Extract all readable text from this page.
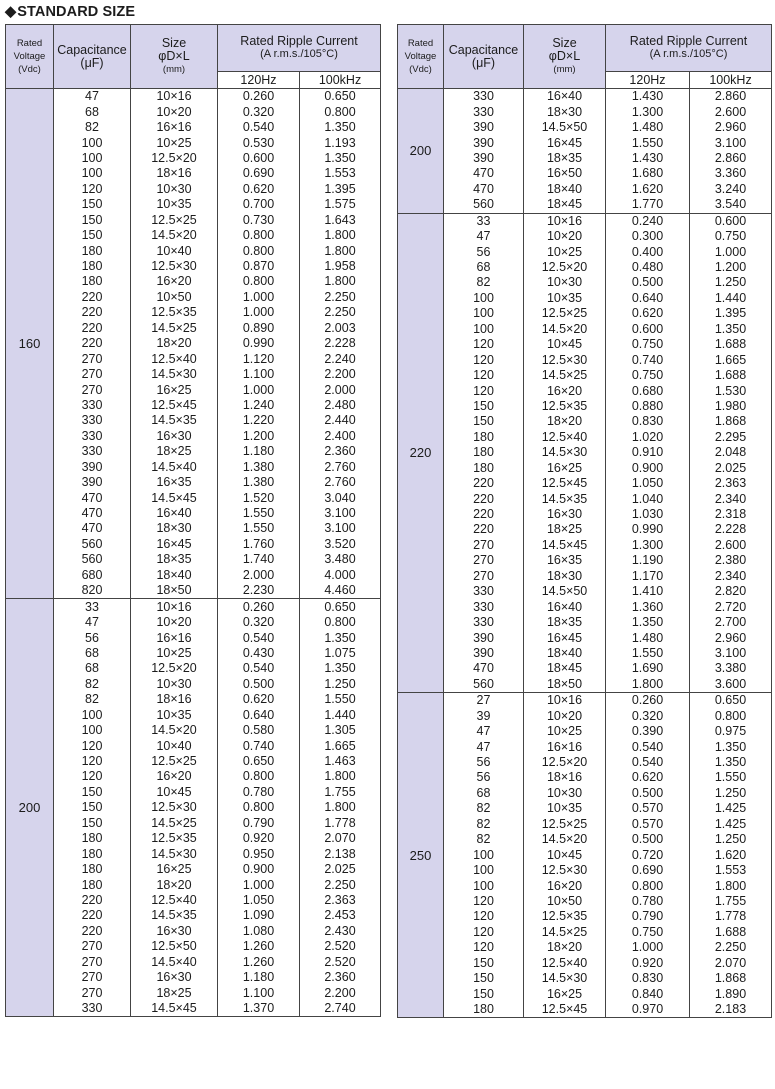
◆STANDARD SIZE
Rated
Voltage
(Vdc)	Capacitance
(μF)	Size
φD×L
(mm)	Rated Ripple Current

(A r.m.s./105°C)	

			120Hz	100kHz
160	47	10×16	0.260	0.650
	68	10×20	0.320	0.800
	82	16×16	0.540	1.350
	100	10×25	0.530	1.193
	100	12.5×20	0.600	1.350
	100	18×16	0.690	1.553
	120	10×30	0.620	1.395
	150	10×35	0.700	1.575
	150	12.5×25	0.730	1.643
	150	14.5×20	0.800	1.800
	180	10×40	0.800	1.800
	180	12.5×30	0.870	1.958
	180	16×20	0.800	1.800
	220	10×50	1.000	2.250
	220	12.5×35	1.000	2.250
	220	14.5×25	0.890	2.003
	220	18×20	0.990	2.228
	270	12.5×40	1.120	2.240
	270	14.5×30	1.100	2.200
	270	16×25	1.000	2.000
	330	12.5×45	1.240	2.480
	330	14.5×35	1.220	2.440
	330	16×30	1.200	2.400
	330	18×25	1.180	2.360
	390	14.5×40	1.380	2.760
	390	16×35	1.380	2.760
	470	14.5×45	1.520	3.040
	470	16×40	1.550	3.100
	470	18×30	1.550	3.100
	560	16×45	1.760	3.520
	560	18×35	1.740	3.480
	680	18×40	2.000	4.000
	820	18×50	2.230	4.460
200	33	10×16	0.260	0.650
	47	10×20	0.320	0.800
	56	16×16	0.540	1.350
	68	10×25	0.430	1.075
	68	12.5×20	0.540	1.350
	82	10×30	0.500	1.250
	82	18×16	0.620	1.550
	100	10×35	0.640	1.440
	100	14.5×20	0.580	1.305
	120	10×40	0.740	1.665
	120	12.5×25	0.650	1.463
	120	16×20	0.800	1.800
	150	10×45	0.780	1.755
	150	12.5×30	0.800	1.800
	150	14.5×25	0.790	1.778
	180	12.5×35	0.920	2.070
	180	14.5×30	0.950	2.138
	180	16×25	0.900	2.025
	180	18×20	1.000	2.250
	220	12.5×40	1.050	2.363
	220	14.5×35	1.090	2.453
	220	16×30	1.080	2.430
	270	12.5×50	1.260	2.520
	270	14.5×40	1.260	2.520
	270	16×30	1.180	2.360
	270	18×25	1.100	2.200
	330	14.5×45	1.370	2.740
Rated
Voltage
(Vdc)	Capacitance
(μF)	Size
φD×L
(mm)	Rated Ripple Current

(A r.m.s./105°C)	

			120Hz	100kHz
200	330	16×40	1.430	2.860
	330	18×30	1.300	2.600
	390	14.5×50	1.480	2.960
	390	16×45	1.550	3.100
	390	18×35	1.430	2.860
	470	16×50	1.680	3.360
	470	18×40	1.620	3.240
	560	18×45	1.770	3.540
220	33	10×16	0.240	0.600
	47	10×20	0.300	0.750
	56	10×25	0.400	1.000
	68	12.5×20	0.480	1.200
	82	10×30	0.500	1.250
	100	10×35	0.640	1.440
	100	12.5×25	0.620	1.395
	100	14.5×20	0.600	1.350
	120	10×45	0.750	1.688
	120	12.5×30	0.740	1.665
	120	14.5×25	0.750	1.688
	120	16×20	0.680	1.530
	150	12.5×35	0.880	1.980
	150	18×20	0.830	1.868
	180	12.5×40	1.020	2.295
	180	14.5×30	0.910	2.048
	180	16×25	0.900	2.025
	220	12.5×45	1.050	2.363
	220	14.5×35	1.040	2.340
	220	16×30	1.030	2.318
	220	18×25	0.990	2.228
	270	14.5×45	1.300	2.600
	270	16×35	1.190	2.380
	270	18×30	1.170	2.340
	330	14.5×50	1.410	2.820
	330	16×40	1.360	2.720
	330	18×35	1.350	2.700
	390	16×45	1.480	2.960
	390	18×40	1.550	3.100
	470	18×45	1.690	3.380
	560	18×50	1.800	3.600
250	27	10×16	0.260	0.650
	39	10×20	0.320	0.800
	47	10×25	0.390	0.975
	47	16×16	0.540	1.350
	56	12.5×20	0.540	1.350
	56	18×16	0.620	1.550
	68	10×30	0.500	1.250
	82	10×35	0.570	1.425
	82	12.5×25	0.570	1.425
	82	14.5×20	0.500	1.250
	100	10×45	0.720	1.620
	100	12.5×30	0.690	1.553
	100	16×20	0.800	1.800
	120	10×50	0.780	1.755
	120	12.5×35	0.790	1.778
	120	14.5×25	0.750	1.688
	120	18×20	1.000	2.250
	150	12.5×40	0.920	2.070
	150	14.5×30	0.830	1.868
	150	16×25	0.840	1.890
	180	12.5×45	0.970	2.183
